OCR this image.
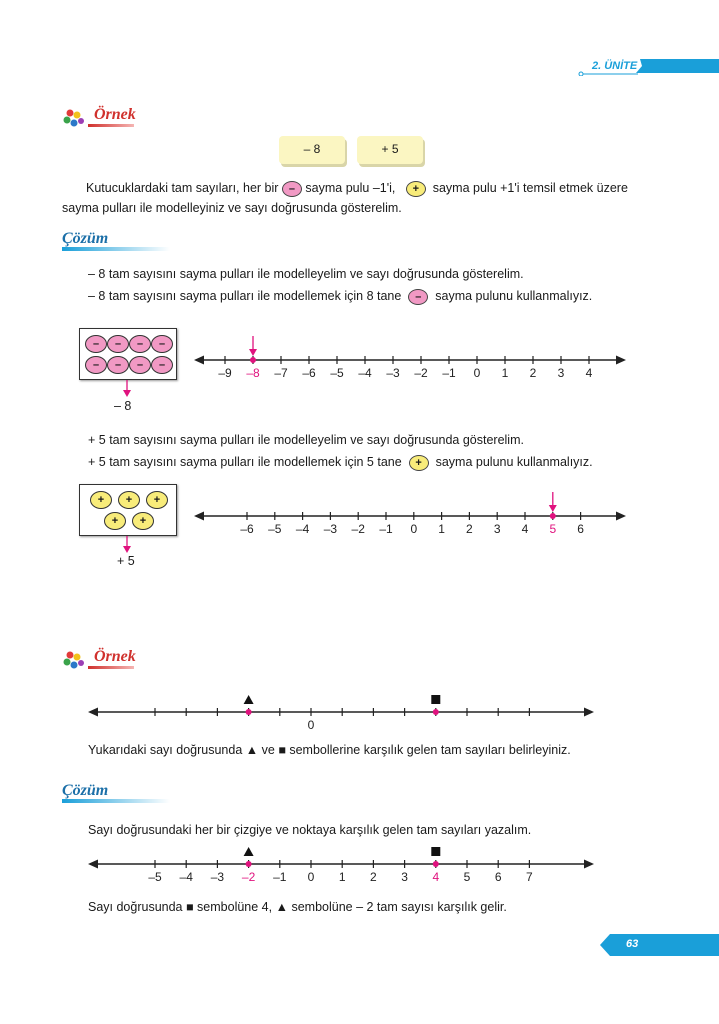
2. ÜNİTE
Örnek
– 8	+ 5
Kutucuklardaki tam sayıları, her bir – sayma pulu –1'i, + sayma pulu +1'i temsil etmek üzere
sayma pulları ile modelleyiniz ve sayı doğrusunda gösterelim.
Çözüm
– 8 tam sayısını sayma pulları ile modelleyelim ve sayı doğrusunda gösterelim.
– 8 tam sayısını sayma pulları ile modellemek için 8 tane – sayma pulunu kullanmalıyız.
–	–	–	–
–	–	–	–
– 8
–9 –8 –7 –6 –5 –4 –3 –2 –1 0 1 2 3 4
+ 5 tam sayısını sayma pulları ile modelleyelim ve sayı doğrusunda gösterelim.
+ 5 tam sayısını sayma pulları ile modellemek için 5 tane + sayma pulunu kullanmalıyız.
+	+	+
+	+
+ 5
–6 –5 –4 –3 –2 –1 0 1 2 3 4 5 6
Örnek
0
Yukarıdaki sayı doğrusunda ▲ ve ■ sembollerine karşılık gelen tam sayıları belirleyiniz.
Çözüm
Sayı doğrusundaki her bir çizgiye ve noktaya karşılık gelen tam sayıları yazalım.
–5 –4 –3 –2 –1 0 1 2 3 4 5 6 7
Sayı doğrusunda ■ sembolüne 4, ▲ sembolüne – 2 tam sayısı karşılık gelir.
63
